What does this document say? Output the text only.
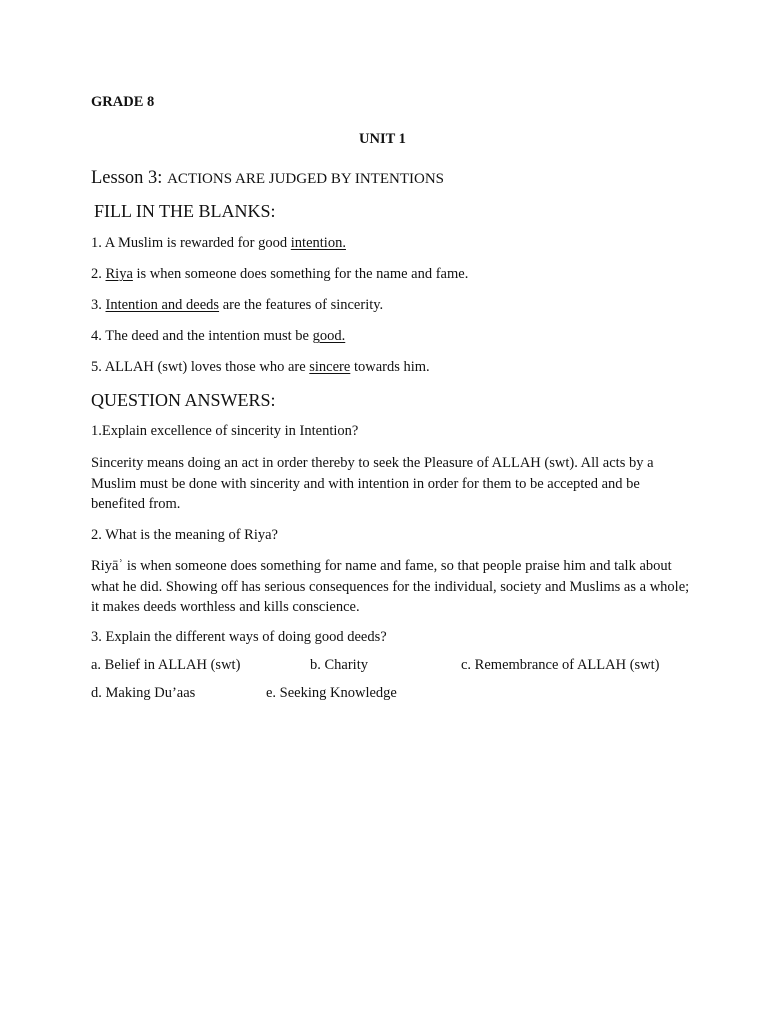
GRADE 8
UNIT 1
Lesson 3: ACTIONS ARE JUDGED BY INTENTIONS
FILL IN THE BLANKS:
1. A Muslim is rewarded for good intention.
2. Riya is when someone does something for the name and fame.
3. Intention and deeds are the features of sincerity.
4. The deed and the intention must be good.
5. ALLAH (swt) loves those who are sincere towards him.
QUESTION ANSWERS:
1.Explain excellence of sincerity in Intention?
Sincerity means doing an act in order thereby to seek the Pleasure of ALLAH (swt). All acts by a Muslim must be done with sincerity and with intention in order for them to be accepted and be benefited from.
2. What is the meaning of Riya?
Riyāʾ is when someone does something for name and fame, so that people praise him and talk about what he did. Showing off has serious consequences for the individual, society and Muslims as a whole; it makes deeds worthless and kills conscience.
3. Explain the different ways of doing good deeds?
a. Belief in ALLAH (swt)	b. Charity	c. Remembrance of ALLAH (swt)
d. Making Du’aas	e. Seeking Knowledge
